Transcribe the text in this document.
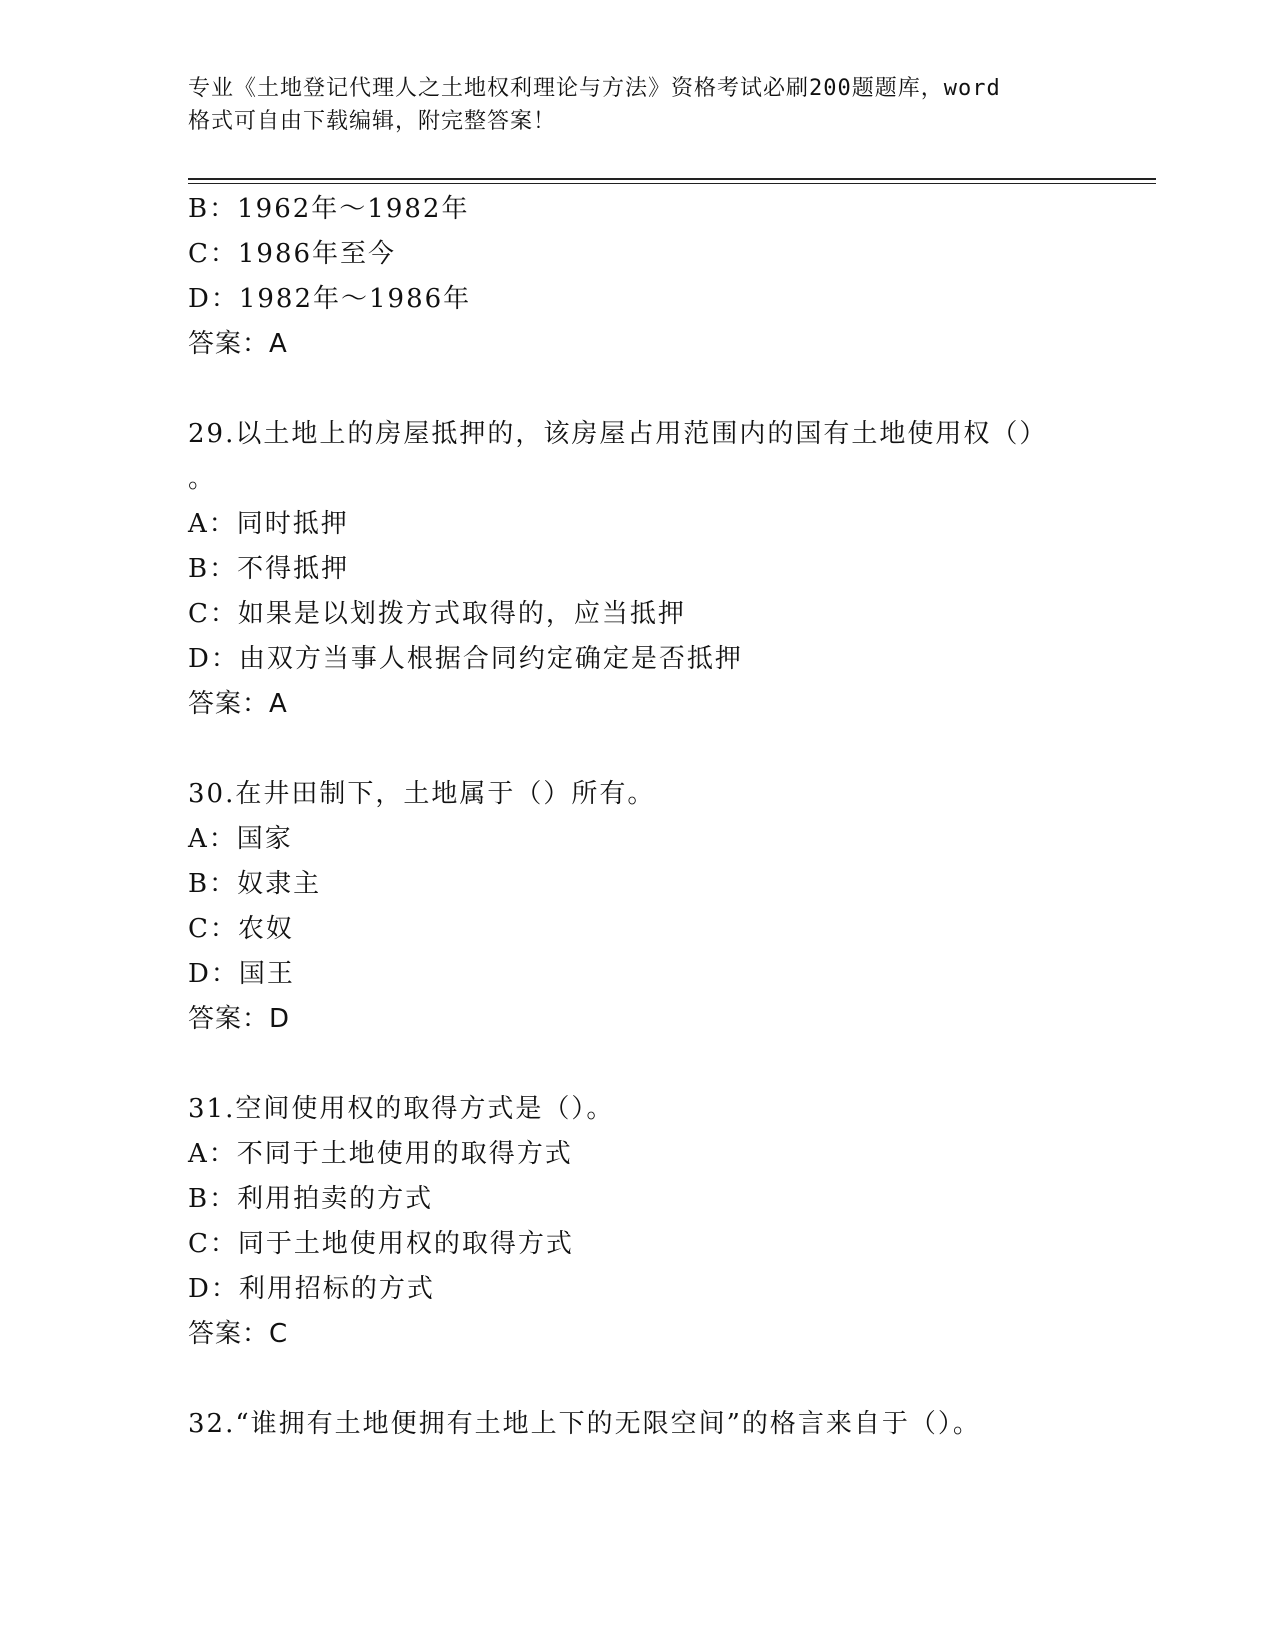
专业《土地登记代理人之土地权利理论与方法》资格考试必刷200题题库，word
格式可自由下载编辑，附完整答案！
B：1962年～1982年
C：1986年至今
D：1982年～1986年
答案：A
29.以土地上的房屋抵押的，该房屋占用范围内的国有土地使用权（）
。
A：同时抵押
B：不得抵押
C：如果是以划拨方式取得的，应当抵押
D：由双方当事人根据合同约定确定是否抵押
答案：A
30.在井田制下，土地属于（）所有。
A：国家
B：奴隶主
C：农奴
D：国王
答案：D
31.空间使用权的取得方式是（）。
A：不同于土地使用的取得方式
B：利用拍卖的方式
C：同于土地使用权的取得方式
D：利用招标的方式
答案：C
32.“谁拥有土地便拥有土地上下的无限空间”的格言来自于（）。
